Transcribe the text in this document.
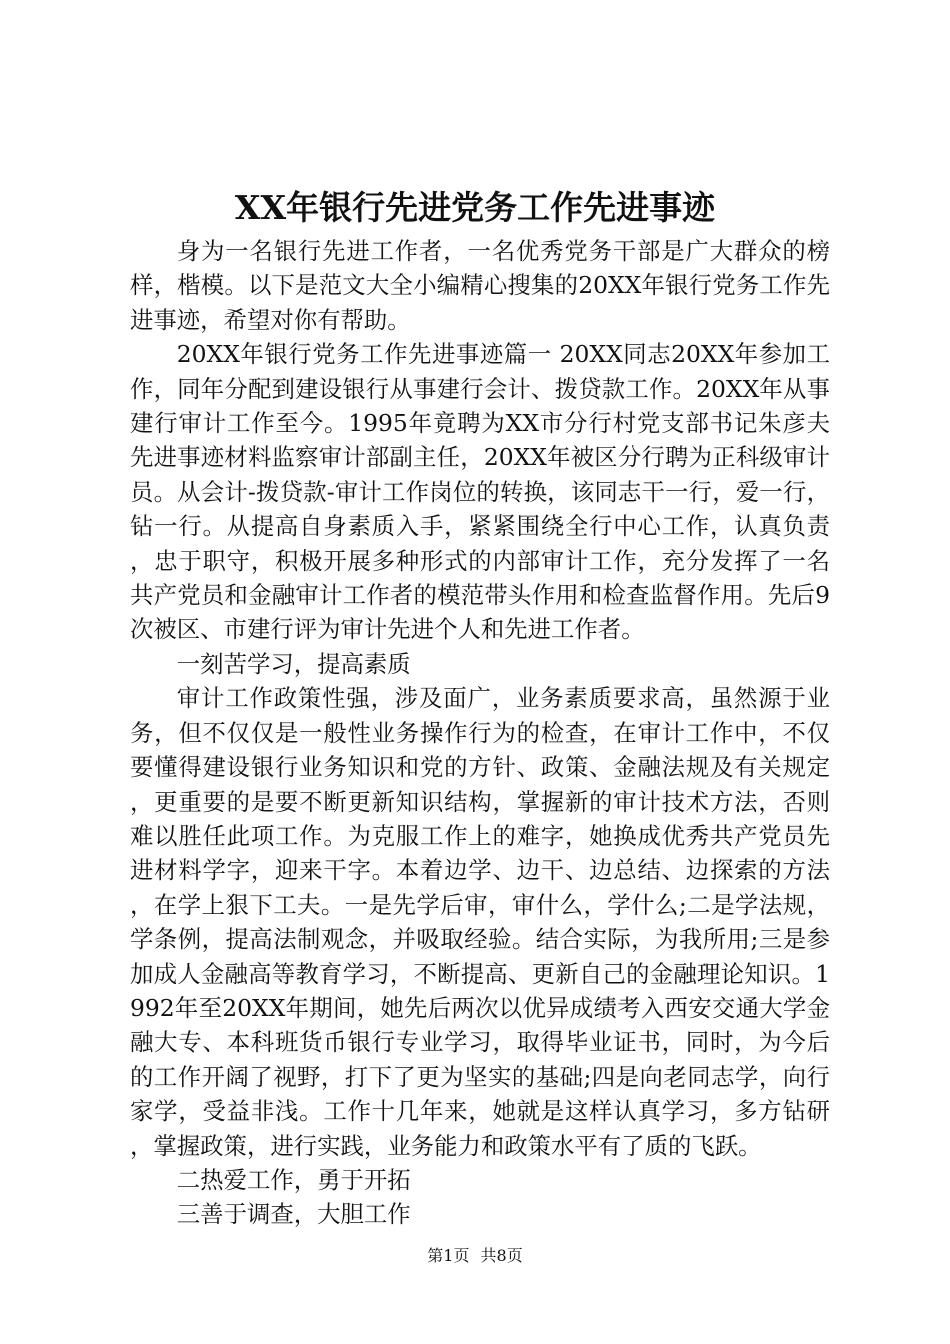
XX年银行先进党务工作先进事迹

身为一名银行先进工作者，一名优秀党务干部是广大群众的榜样，楷模。以下是范文大全小编精心搜集的20XX年银行党务工作先进事迹，希望对你有帮助。

20XX年银行党务工作先进事迹篇一 20XX同志20XX年参加工作，同年分配到建设银行从事建行会计、拨贷款工作。20XX年从事建行审计工作至今。1995年竟聘为XX市分行村党支部书记朱彦夫先进事迹材料监察审计部副主任，20XX年被区分行聘为正科级审计员。从会计-拨贷款-审计工作岗位的转换，该同志干一行，爱一行，钻一行。从提高自身素质入手，紧紧围绕全行中心工作，认真负责，忠于职守，积极开展多种形式的内部审计工作，充分发挥了一名共产党员和金融审计工作者的模范带头作用和检查监督作用。先后9次被区、市建行评为审计先进个人和先进工作者。

一刻苦学习，提高素质

审计工作政策性强，涉及面广，业务素质要求高，虽然源于业务，但不仅仅是一般性业务操作行为的检查，在审计工作中，不仅要懂得建设银行业务知识和党的方针、政策、金融法规及有关规定，更重要的是要不断更新知识结构，掌握新的审计技术方法，否则难以胜任此项工作。为克服工作上的难字，她换成优秀共产党员先进材料学字，迎来干字。本着边学、边干、边总结、边探索的方法，在学上狠下工夫。一是先学后审，审什么，学什么;二是学法规，学条例，提高法制观念，并吸取经验。结合实际，为我所用;三是参加成人金融高等教育学习，不断提高、更新自己的金融理论知识。1992年至20XX年期间，她先后两次以优异成绩考入西安交通大学金融大专、本科班货币银行专业学习，取得毕业证书，同时，为今后的工作开阔了视野，打下了更为坚实的基础;四是向老同志学，向行家学，受益非浅。工作十几年来，她就是这样认真学习，多方钻研，掌握政策，进行实践，业务能力和政策水平有了质的飞跃。

二热爱工作，勇于开拓

三善于调查，大胆工作

第1页 共8页
